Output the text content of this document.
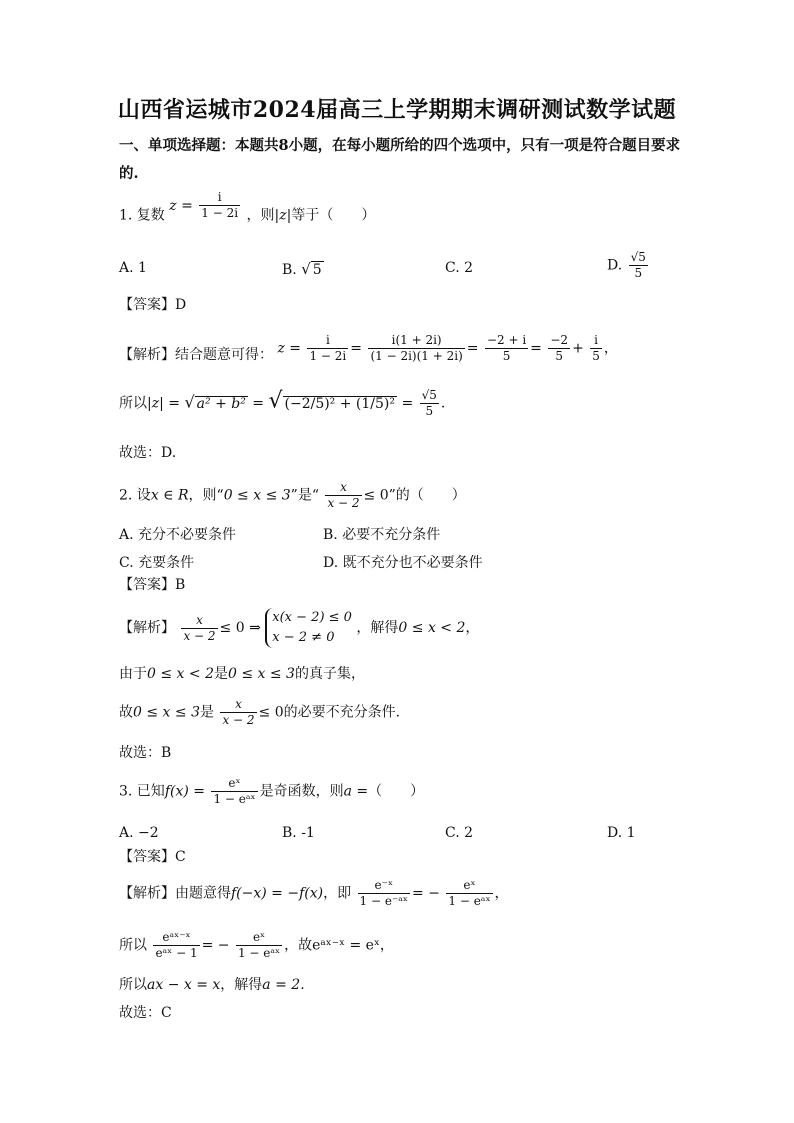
山西省运城市2024届高三上学期期末调研测试数学试题
一、单项选择题：本题共8小题，在每小题所给的四个选项中，只有一项是符合题目要求
的.
1. 复数 $z = \frac{i}{1 - 2i}$ ，则|z|等于（　　）
A. 1	B. √ 5	C. 2	D. $\frac{√5}{5}$
【答案】D
【解析】结合题意可得： $z = \frac{i}{1 - 2i} = \frac{i(1 + 2i)}{(1 - 2i)(1 + 2i)} = \frac{-2 + i}{5} = \frac{-2}{5} + \frac{i}{5}$ ，
所以|z| = √ a² + b² = √ $(-2/5)^2 + (1/5)^2 = \frac{√5}{5}$ .
故选：D.
2. 设x ∈ R，则“0 ≤ x ≤ 3”是“ $\frac{x}{x - 2} \le 0$”的（　　）
A. 充分不必要条件	B. 必要不充分条件
C. 充要条件	D. 既不充分也不必要条件
【答案】B
【解析】 $\frac{x}{x - 2} \le 0$ ⇒
x(x − 2) ≤ 0
x − 2 ≠ 0
，解得0 ≤ x < 2，
由于0 ≤ x < 2是0 ≤ x ≤ 3的真子集，
故0 ≤ x ≤ 3是 $\frac{x}{x - 2} \le 0$的必要不充分条件.
故选：B
3. 已知$f(x) = \frac{\text{eˣ}}{\text{1 − eᵃˣ}}$ 是奇函数，则a =（　　）
A. −2	B. -1	C. 2	D. 1
【答案】C
【解析】由题意得f(−x) = −f(x)，即 $\frac{\text{e⁻ˣ}}{\text{1 − e⁻ᵃˣ}}$ = − $\frac{\text{eˣ}}{\text{1 − eᵃˣ}}$ ，
所以 $\frac{\text{eᵃˣ⁻ˣ}}{\text{eᵃˣ − 1}}$ = − $\frac{\text{eˣ}}{\text{1 − eᵃˣ}}$ ，故eᵃˣ⁻ˣ = eˣ，
所以ax − x = x，解得a = 2.
故选：C
